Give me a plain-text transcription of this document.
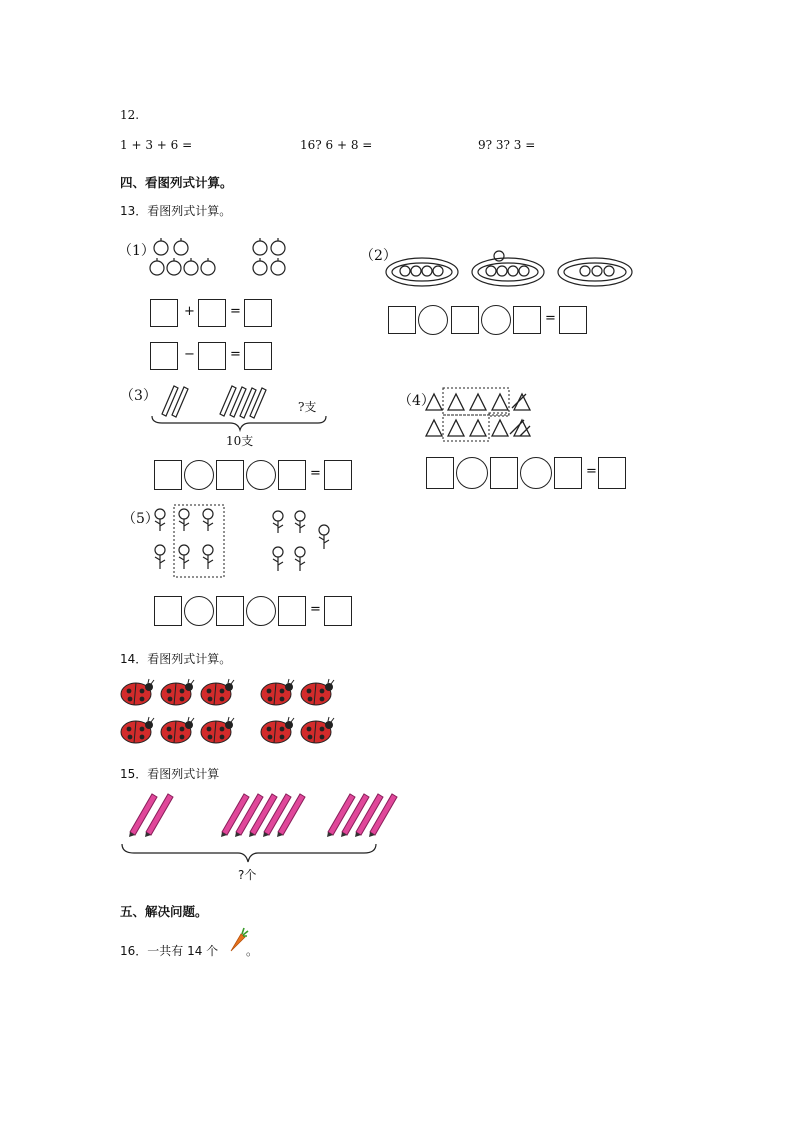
12.
1 + 3 + 6 =	16? 6 + 8 =	9? 3? 3 =
四、看图列式计算。
13．看图列式计算。
（1）
+	=
−	=
（2）
=
（3）
?支
10支
=
（4）
=
（5）
=
14．看图列式计算。
15．看图列式计算
?个
五、解决问题。
16．一共有 14 个 。
